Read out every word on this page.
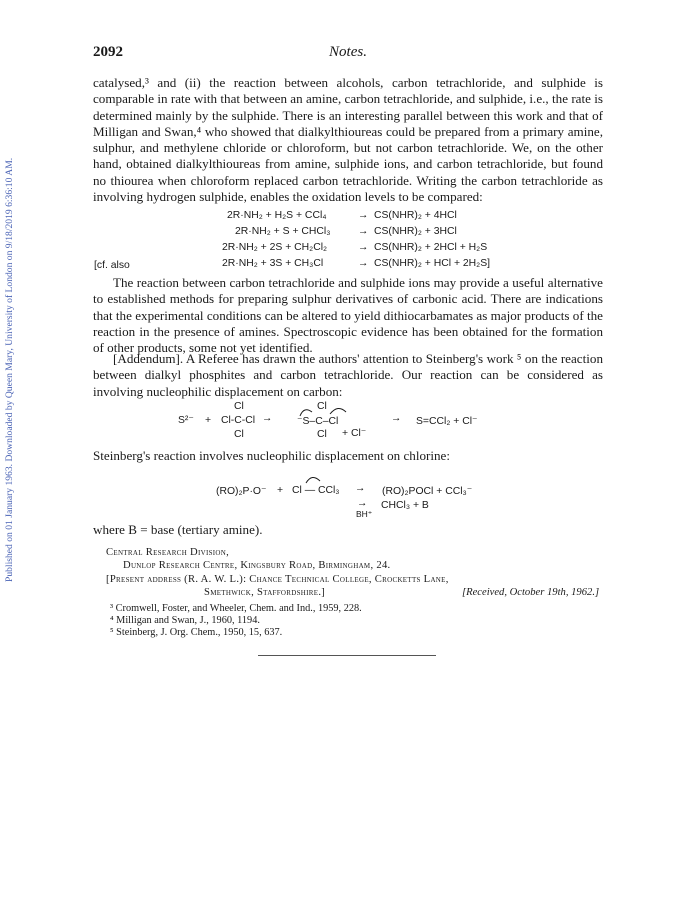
Published on 01 January 1963. Downloaded by Queen Mary, University of London on 9/18/2019 6:36:10 AM.
Notes.
2092

catalysed,³ and (ii) the reaction between alcohols, carbon tetrachloride, and sulphide is comparable in rate with that between an amine, carbon tetrachloride, and sulphide, i.e., the rate is determined mainly by the sulphide. There is an interesting parallel between this work and that of Milligan and Swan,⁴ who showed that dialkylthioureas could be prepared from a primary amine, sulphur, and methylene chloride or chloroform, but not carbon tetrachloride. We, on the other hand, obtained dialkylthioureas from amine, sulphide ions, and carbon tetrachloride, but found no thiourea when chloroform replaced carbon tetrachloride. Writing the carbon tetrachloride as involving hydrogen sulphide, enables the oxidation levels to be compared:

[cf. also
2R·NH₂ + H₂S + CCl₄	→ CS(NHR)₂ + 4HCl
2R·NH₂ + S + CHCl₃	→ CS(NHR)₂ + 3HCl
2R·NH₂ + 2S + CH₂Cl₂	→ CS(NHR)₂ + 2HCl + H₂S
2R·NH₂ + 3S + CH₃Cl	→ CS(NHR)₂ + HCl + 2H₂S]

The reaction between carbon tetrachloride and sulphide ions may provide a useful alternative to established methods for preparing sulphur derivatives of carbonic acid. There are indications that the experimental conditions can be altered to yield dithiocarbamates as major products of the reaction in the presence of amines. Spectroscopic evidence has been obtained for the formation of other products, some not yet identified.

[Addendum]. A Referee has drawn the authors' attention to Steinberg's work ⁵ on the reaction between dialkyl phosphites and carbon tetrachloride. Our reaction can be considered as involving nucleophilic displacement on carbon:

S²⁻ + Cl-C-Cl
Cl
Cl
→ ⁻S–C–Cl
Cl
Cl + Cl⁻
→ S=CCl₂ + Cl⁻

Steinberg's reaction involves nucleophilic displacement on chlorine:

(RO)₂P·O⁻ + Cl — CCl₃ → (RO)₂POCl + CCl₃⁻
→
BH⁺
CHCl₃ + B

where B = base (tertiary amine).

Central Research Division,
Dunlop Research Centre, Kingsbury Road, Birmingham, 24.
[Present address (R. A. W. L.): Chance Technical College, Crocketts Lane,
Smethwick, Staffordshire.]	[Received, October 19th, 1962.]
³ Cromwell, Foster, and Wheeler, Chem. and Ind., 1959, 228.
⁴ Milligan and Swan, J., 1960, 1194.
⁵ Steinberg, J. Org. Chem., 1950, 15, 637.
